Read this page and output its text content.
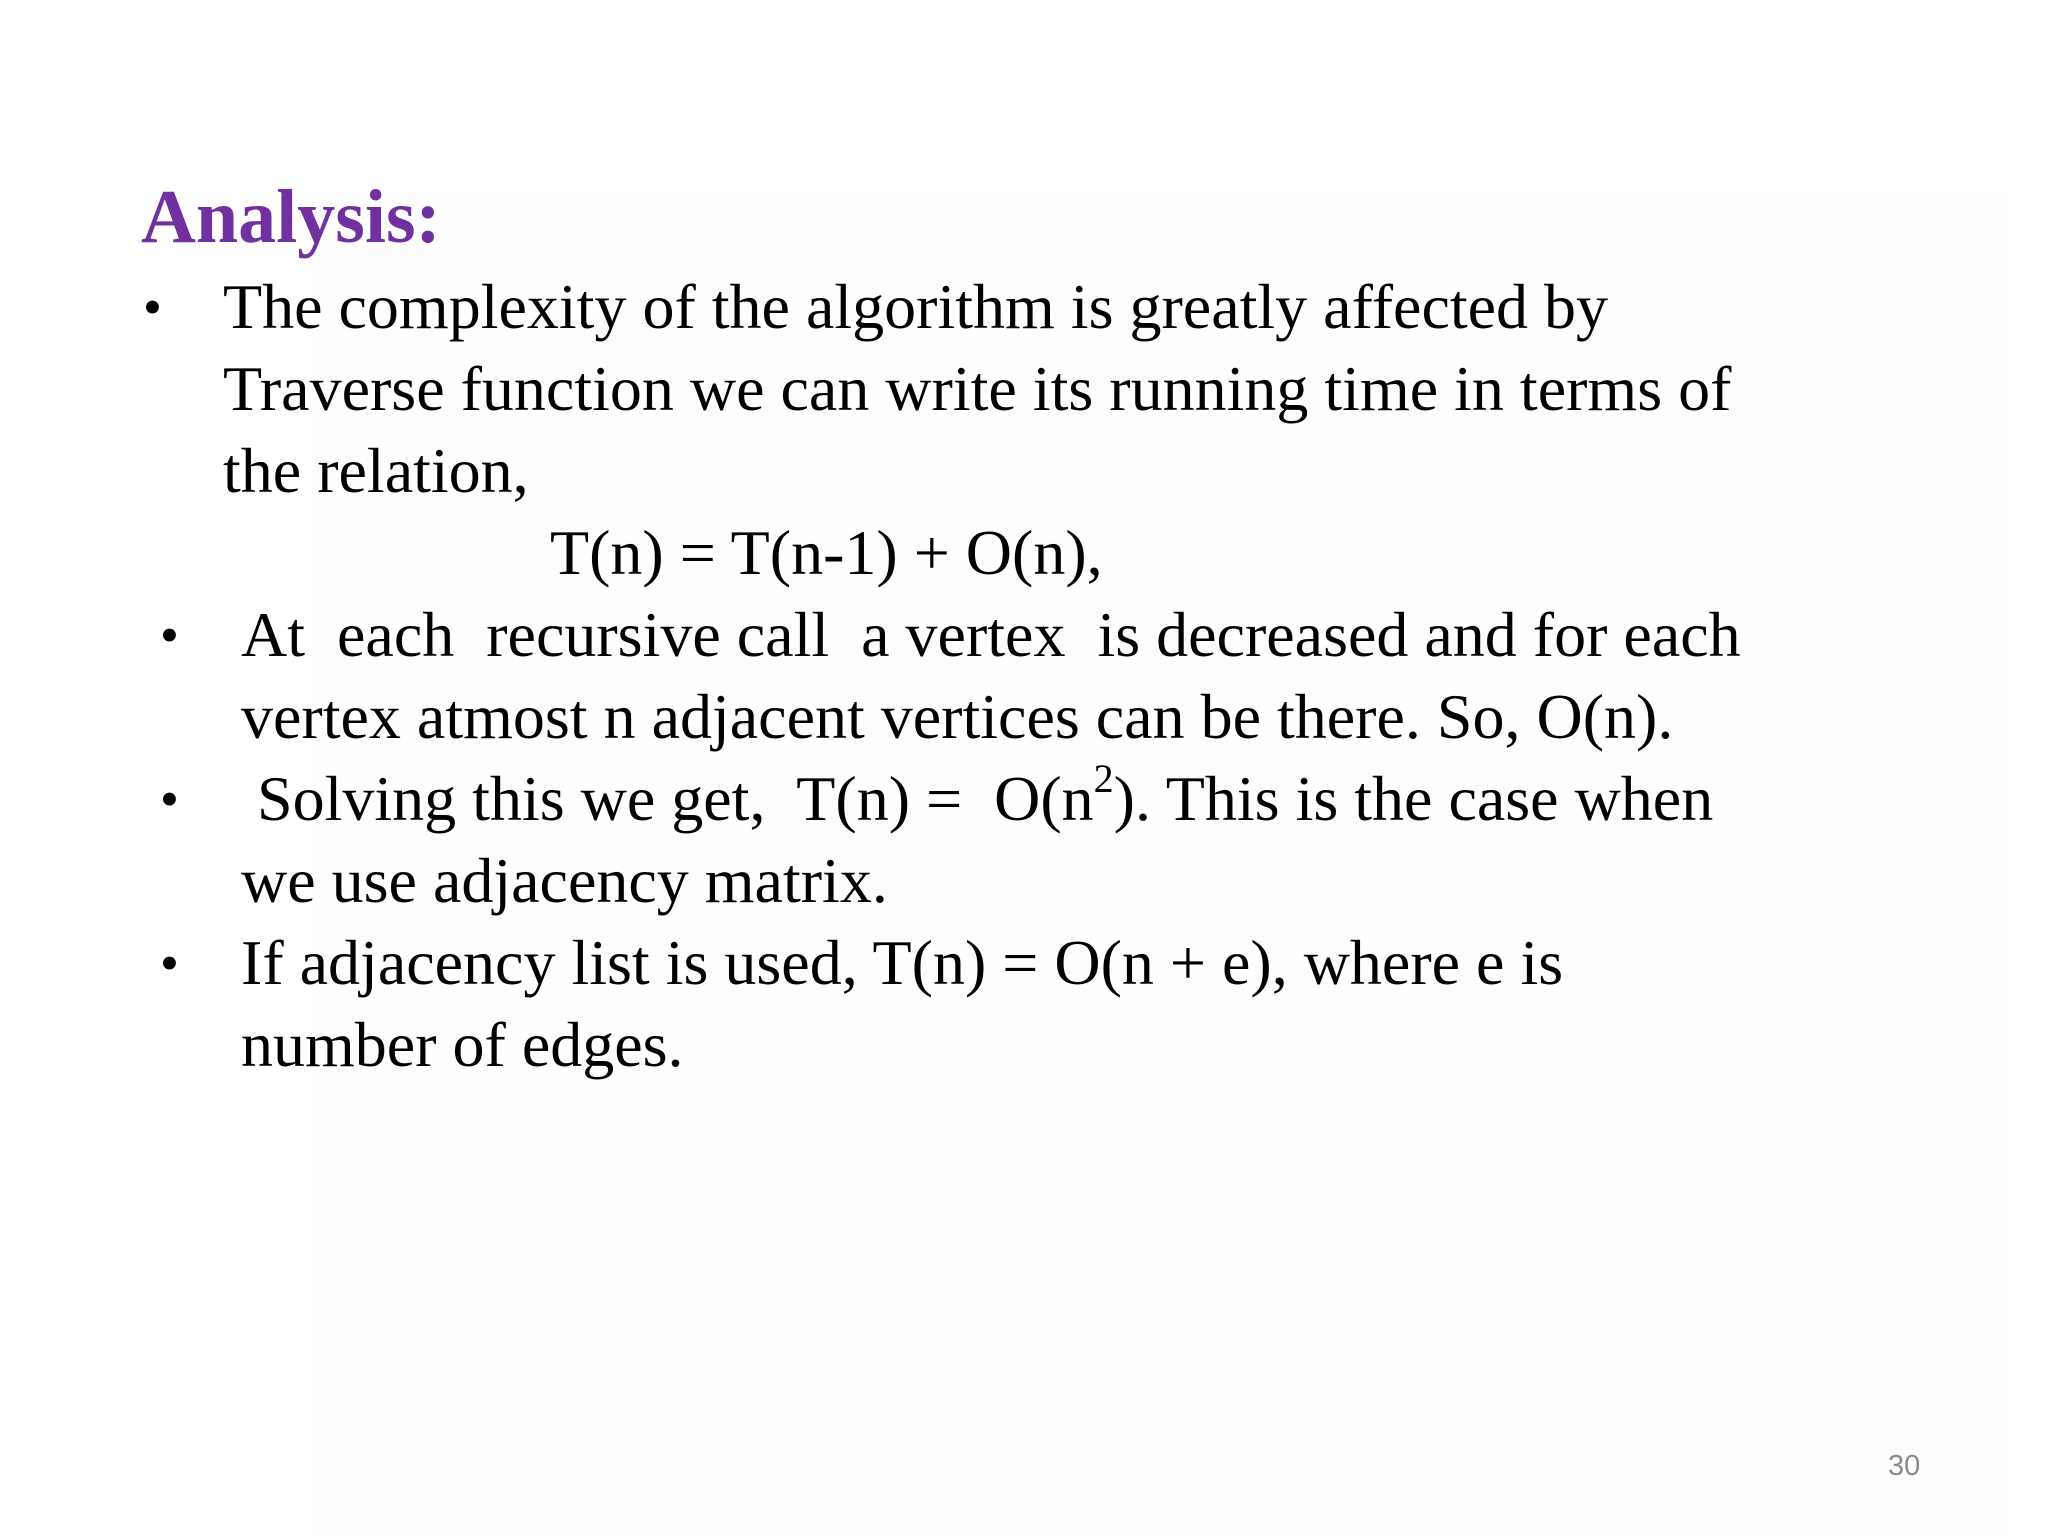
Analysis:
• The complexity of the algorithm is greatly affected by
Traverse function we can write its running time in terms of
the relation,
T(n) = T(n-1) + O(n),
• At  each  recursive call  a vertex  is decreased and for each
vertex atmost n adjacent vertices can be there. So, O(n).
• Solving this we get,  $T(n) = O(n^2)$. This is the case when
we use adjacency matrix.
• If adjacency list is used, T(n) = O(n + e), where e is
number of edges.
30
